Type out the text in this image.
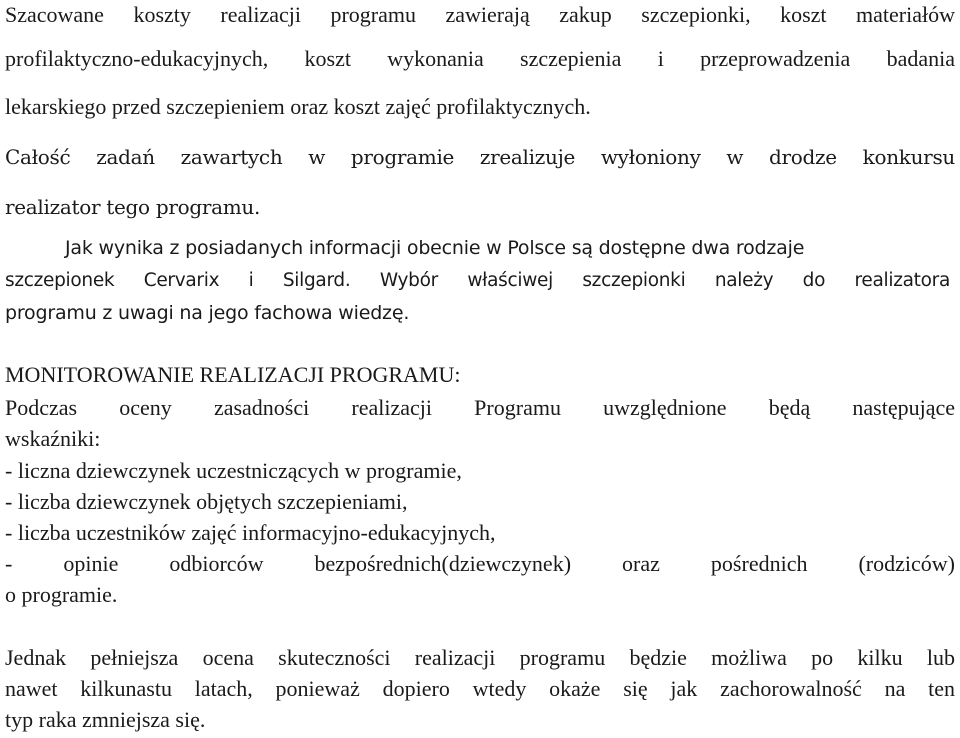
Szacowane koszty realizacji programu zawierają zakup szczepionki, koszt materiałów
profilaktyczno-edukacyjnych, koszt wykonania szczepienia i przeprowadzenia badania
lekarskiego przed szczepieniem oraz koszt zajęć profilaktycznych.
Całość zadań zawartych w programie zrealizuje wyłoniony w drodze konkursu
realizator tego programu.
Jak wynika z posiadanych informacji obecnie w Polsce są dostępne dwa rodzaje
szczepionek Cervarix i Silgard. Wybór właściwej szczepionki należy do realizatora
programu z uwagi na jego fachowa wiedzę.
MONITOROWANIE REALIZACJI PROGRAMU:
Podczas oceny zasadności realizacji Programu uwzględnione będą następujące
wskaźniki:
- liczna dziewczynek uczestniczących w programie,
- liczba dziewczynek objętych szczepieniami,
- liczba uczestników zajęć informacyjno-edukacyjnych,
- opinie odbiorców bezpośrednich(dziewczynek) oraz pośrednich (rodziców)
o programie.
Jednak pełniejsza ocena skuteczności realizacji programu będzie możliwa po kilku lub
nawet kilkunastu latach, ponieważ dopiero wtedy okaże się jak zachorowalność na ten
typ raka zmniejsza się.
